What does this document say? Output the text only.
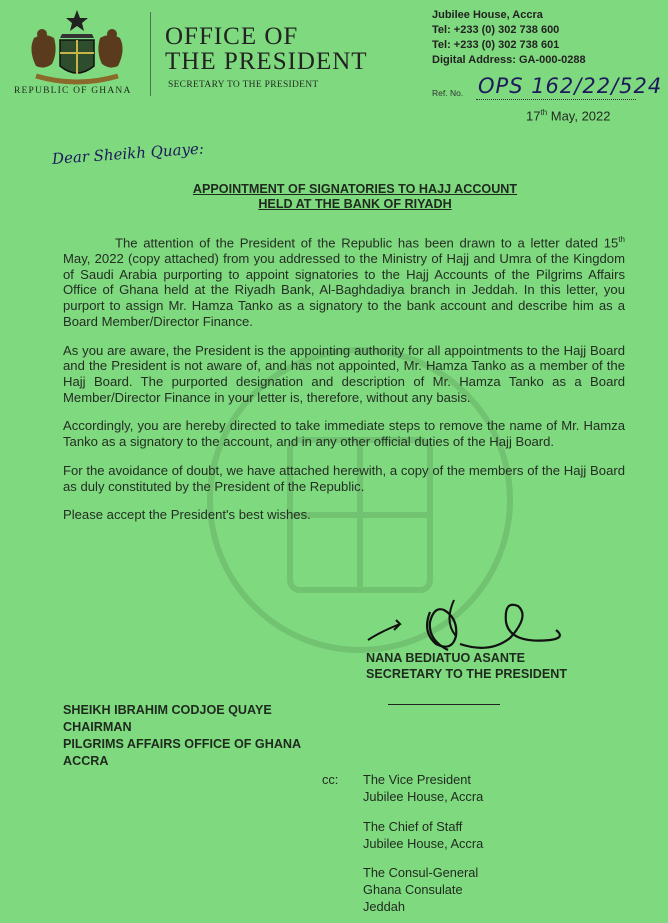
REPUBLIC OF GHANA
OFFICE OF
THE PRESIDENT
SECRETARY TO THE PRESIDENT
Jubilee House, Accra
Tel: +233 (0) 302 738 600
Tel: +233 (0) 302 738 601
Digital Address: GA-000-0288
Ref. No. OPS 162/22/524
17th May, 2022
Dear Sheikh Quaye:
APPOINTMENT OF SIGNATORIES TO HAJJ ACCOUNT
HELD AT THE BANK OF RIYADH

The attention of the President of the Republic has been drawn to a letter dated 15th May, 2022 (copy attached) from you addressed to the Ministry of Hajj and Umra of the Kingdom of Saudi Arabia purporting to appoint signatories to the Hajj Accounts of the Pilgrims Affairs Office of Ghana held at the Riyadh Bank, Al-Baghdadiya branch in Jeddah. In this letter, you purport to assign Mr. Hamza Tanko as a signatory to the bank account and describe him as a Board Member/Director Finance.

As you are aware, the President is the appointing authority for all appointments to the Hajj Board and the President is not aware of, and has not appointed, Mr. Hamza Tanko as a member of the Hajj Board. The purported designation and description of Mr. Hamza Tanko as a Board Member/Director Finance in your letter is, therefore, without any basis.

Accordingly, you are hereby directed to take immediate steps to remove the name of Mr. Hamza Tanko as a signatory to the account, and in any other official duties of the Hajj Board.

For the avoidance of doubt, we have attached herewith, a copy of the members of the Hajj Board as duly constituted by the President of the Republic.

Please accept the President's best wishes.

NANA BEDIATUO ASANTE
SECRETARY TO THE PRESIDENT
SHEIKH IBRAHIM CODJOE QUAYE
CHAIRMAN
PILGRIMS AFFAIRS OFFICE OF GHANA
ACCRA
cc: The Vice President
Jubilee House, Accra
The Chief of Staff
Jubilee House, Accra
The Consul-General
Ghana Consulate
Jeddah
